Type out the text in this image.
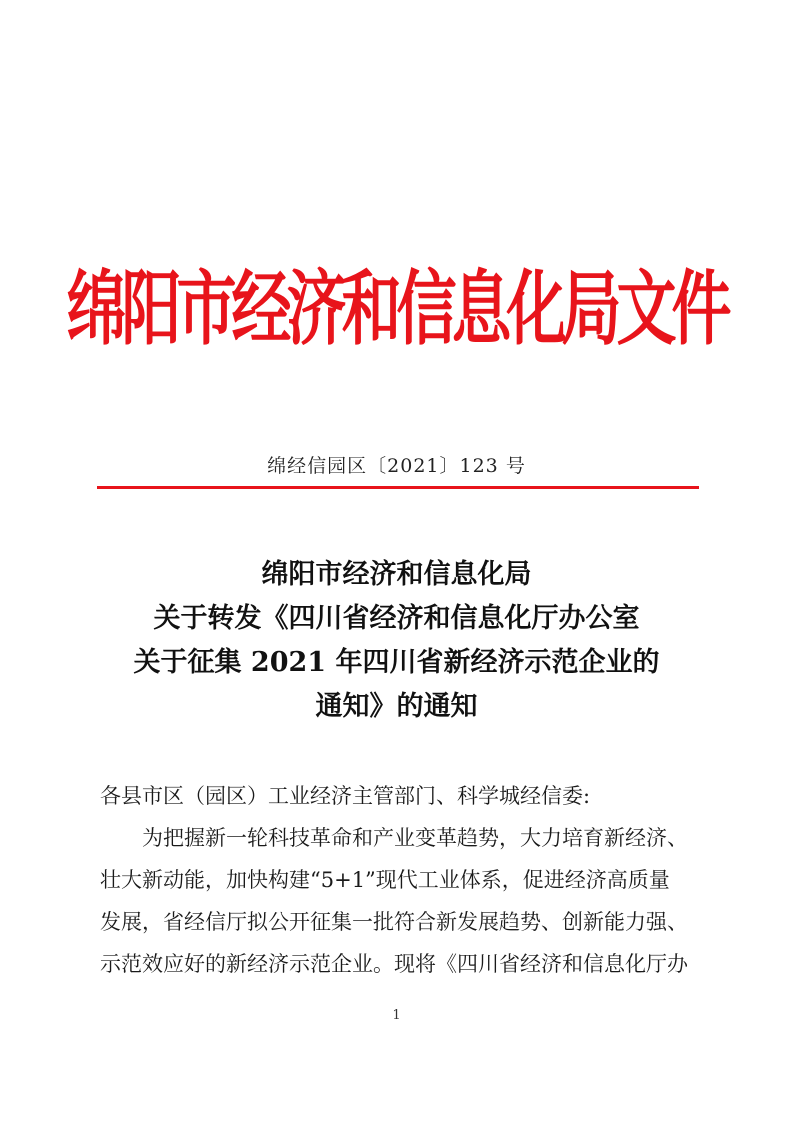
绵阳市经济和信息化局文件
绵经信园区〔2021〕123 号
绵阳市经济和信息化局
关于转发《四川省经济和信息化厅办公室
关于征集 2021 年四川省新经济示范企业的
通知》的通知

各县市区（园区）工业经济主管部门、科学城经信委:

为把握新一轮科技革命和产业变革趋势，大力培育新经济、

壮大新动能，加快构建“5+1”现代工业体系，促进经济高质量

发展，省经信厅拟公开征集一批符合新发展趋势、创新能力强、

示范效应好的新经济示范企业。现将《四川省经济和信息化厅办

1
